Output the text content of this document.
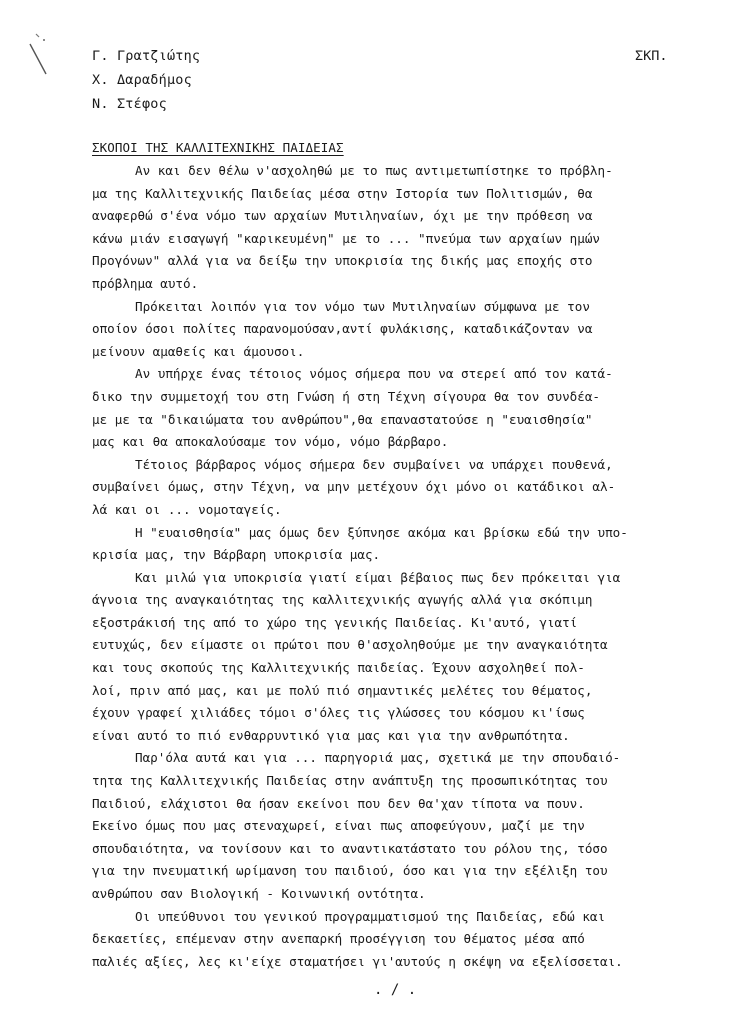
Γ. Γρατζιώτης
Χ. Δαραδήμος
Ν. Στέφος
ΣΚΠ.
ΣΚΟΠΟΙ ΤΗΣ ΚΑΛΛΙΤΕΧΝΙΚΗΣ ΠΑΙΔΕΙΑΣ
Αν και δεν θέλω ν'ασχοληθώ με το πως αντιμετωπίστηκε το πρόβλη-
μα της Καλλιτεχνικής Παιδείας μέσα στην Ιστορία των Πολιτισμών, θα
αναφερθώ σ'ένα νόμο των αρχαίων Μυτιληναίων, όχι με την πρόθεση να
κάνω μιάν εισαγωγή "καρικευμένη" με το ... "πνεύμα των αρχαίων ημών
Προγόνων" αλλά για να δείξω την υποκρισία της δικής μας εποχής στο
πρόβλημα αυτό.
Πρόκειται λοιπόν για τον νόμο των Μυτιληναίων σύμφωνα με τον
οποίον όσοι πολίτες παρανομούσαν,αντί φυλάκισης, καταδικάζονταν να
μείνουν αμαθείς και άμουσοι.
Αν υπήρχε ένας τέτοιος νόμος σήμερα που να στερεί από τον κατά-
δικο την συμμετοχή του στη Γνώση ή στη Τέχνη σίγουρα θα τον συνδέα-
με με τα "δικαιώματα του ανθρώπου",θα επαναστατούσε η "ευαισθησία"
μας και θα αποκαλούσαμε τον νόμο, νόμο βάρβαρο.
Τέτοιος βάρβαρος νόμος σήμερα δεν συμβαίνει να υπάρχει πουθενά,
συμβαίνει όμως, στην Τέχνη, να μην μετέχουν όχι μόνο οι κατάδικοι αλ-
λά και οι ... νομοταγείς.
Η "ευαισθησία" μας όμως δεν ξύπνησε ακόμα και βρίσκω εδώ την υπο-
κρισία μας, την Βάρβαρη υποκρισία μας.
Και μιλώ για υποκρισία γιατί είμαι βέβαιος πως δεν πρόκειται για
άγνοια της αναγκαιότητας της καλλιτεχνικής αγωγής αλλά για σκόπιμη
εξοστράκισή της από το χώρο της γενικής Παιδείας. Κι'αυτό, γιατί
ευτυχώς, δεν είμαστε οι πρώτοι που θ'ασχοληθούμε με την αναγκαιότητα
και τους σκοπούς της Καλλιτεχνικής παιδείας. Έχουν ασχοληθεί πολ-
λοί, πριν από μας, και με πολύ πιό σημαντικές μελέτες του θέματος,
έχουν γραφεί χιλιάδες τόμοι σ'όλες τις γλώσσες του κόσμου κι'ίσως
είναι αυτό το πιό ενθαρρυντικό για μας και για την ανθρωπότητα.
Παρ'όλα αυτά και για ... παρηγοριά μας, σχετικά με την σπουδαιό-
τητα της Καλλιτεχνικής Παιδείας στην ανάπτυξη της προσωπικότητας του
Παιδιού, ελάχιστοι θα ήσαν εκείνοι που δεν θα'χαν τίποτα να πουν.
Εκείνο όμως που μας στεναχωρεί, είναι πως αποφεύγουν, μαζί με την
σπουδαιότητα, να τονίσουν και το αναντικατάστατο του ρόλου της, τόσο
για την πνευματική ωρίμανση του παιδιού, όσο και για την εξέλιξη του
ανθρώπου σαν Βιολογική - Κοινωνική οντότητα.
Οι υπεύθυνοι του γενικού προγραμματισμού της Παιδείας, εδώ και
δεκαετίες, επέμεναν στην ανεπαρκή προσέγγιση του θέματος μέσα από
παλιές αξίες, λες κι'είχε σταματήσει γι'αυτούς η σκέψη να εξελίσσεται.
. / .
